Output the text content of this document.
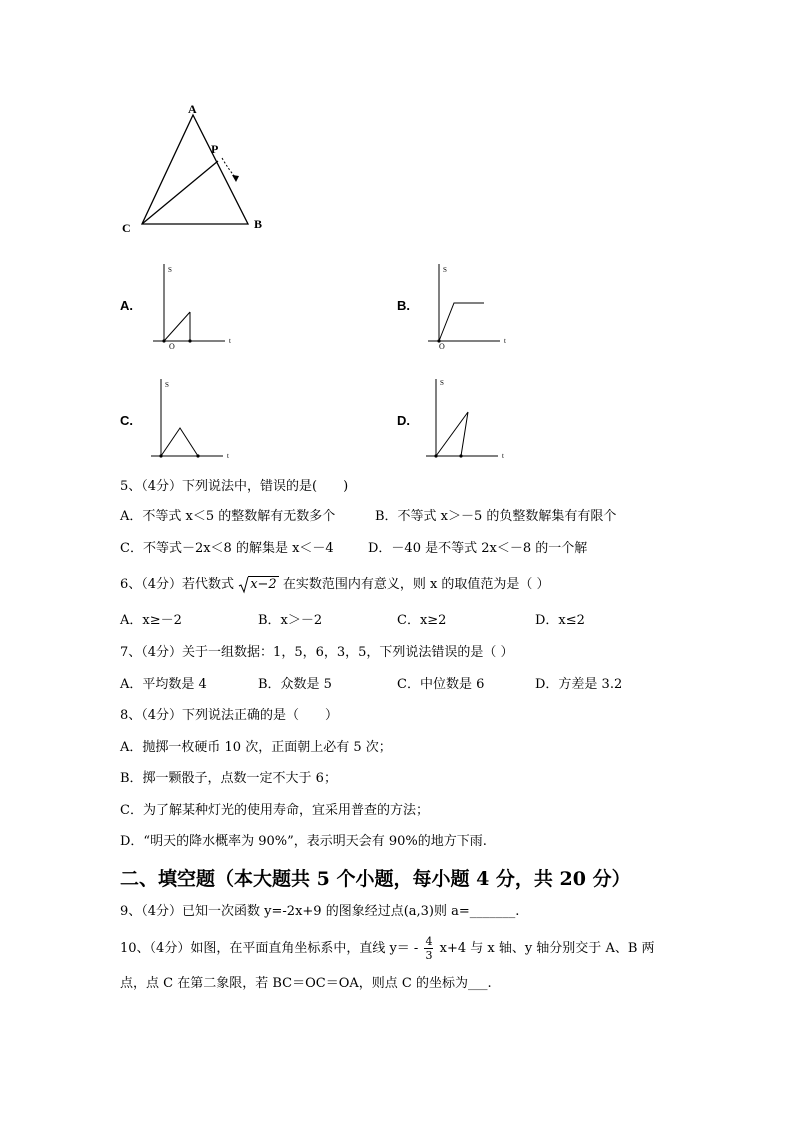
A
P
B
C
A.
S
t
O
B.
S
t
O
C.
S
t
D.
S
t
5、（4分）下列说法中，错误的是(　　)
A．不等式 x＜5 的整数解有无数多个	B．不等式 x＞－5 的负整数解集有有限个
C．不等式－2x＜8 的解集是 x＜－4	D．－40 是不等式 2x＜－8 的一个解
6、（4分）若代数式 x−2 在实数范围内有意义，则 x 的取值范为是（ ）
A．x≥－2	B．x＞－2	C．x≥2	D．x≤2
7、（4分）关于一组数据：1，5，6，3，5，下列说法错误的是（ ）
A．平均数是 4	B．众数是 5	C．中位数是 6	D．方差是 3.2
8、（4分）下列说法正确的是（　　）
A．抛掷一枚硬币 10 次，正面朝上必有 5 次；
B．掷一颗骰子，点数一定不大于 6；
C．为了解某种灯光的使用寿命，宜采用普查的方法；
D．“明天的降水概率为 90%”，表示明天会有 90%的地方下雨.
二、填空题（本大题共 5 个小题，每小题 4 分，共 20 分）
9、（4分）已知一次函数 y=-2x+9 的图象经过点(a,3)则 a=_______.
10、（4分）如图，在平面直角坐标系中，直线 $y= - \frac{4}{3} x+4$ 与 x 轴、y 轴分别交于 A、B 两
点，点 C 在第二象限，若 BC＝OC＝OA，则点 C 的坐标为___.
